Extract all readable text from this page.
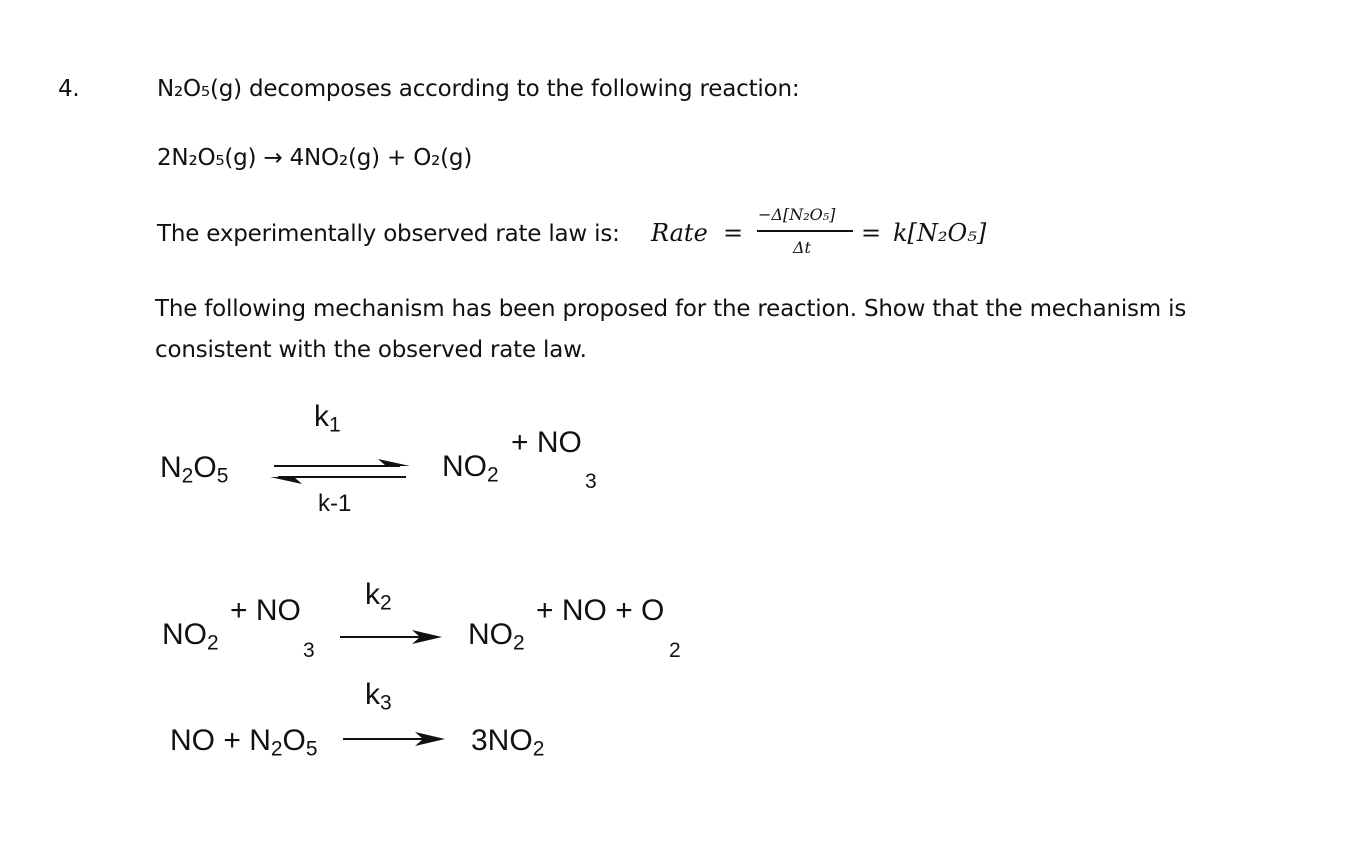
4.	N₂O₅(g) decomposes according to the following reaction:
2N₂O₅(g) → 4NO₂(g) + O₂(g)
The experimentally observed rate law is: Rate =
−Δ[N₂O₅]
Δt
= k[N₂O₅]
The following mechanism has been proposed for the reaction. Show that the mechanism is
consistent with the observed rate law.
$N_2O_5$
$k_1$
k-1
$NO_2$
+ NO
3
$NO_2$
+ NO
3
$k_2$
$NO_2$
+ NO + O
2
NO + $N_2O_5$
$k_3$
$3NO_2$
